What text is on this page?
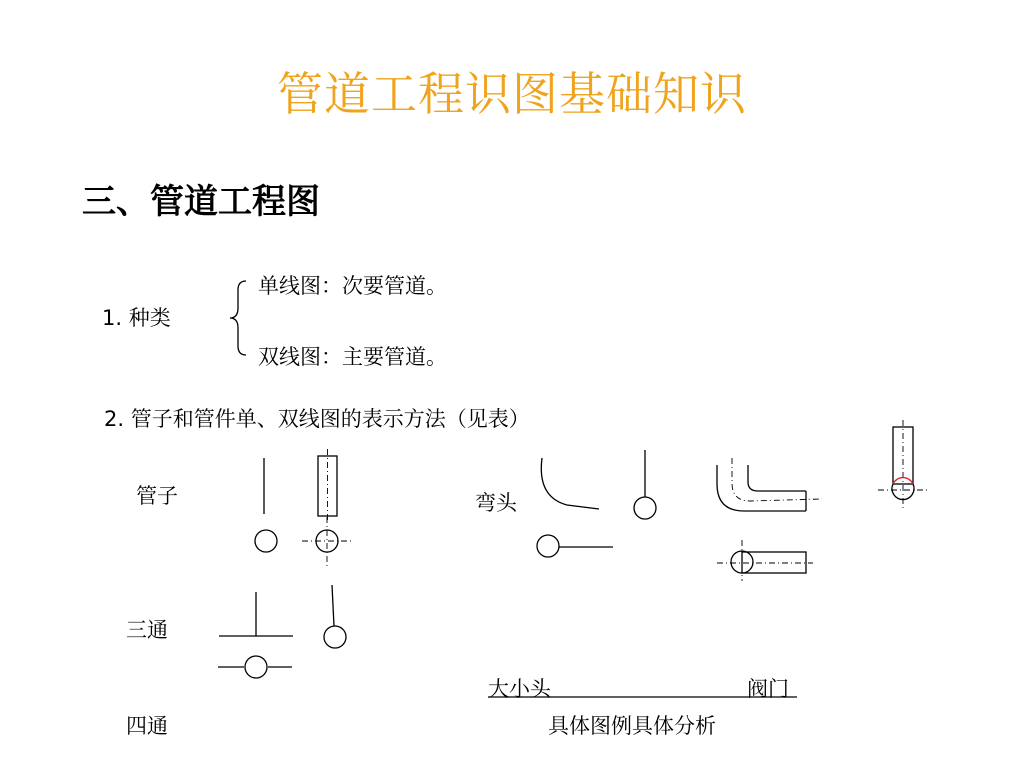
管道工程识图基础知识
三、管道工程图
1. 种类
单线图：次要管道。
双线图：主要管道。
2. 管子和管件单、双线图的表示方法（见表）
管子	弯头
三通
四通
大小头	阀门
具体图例具体分析
